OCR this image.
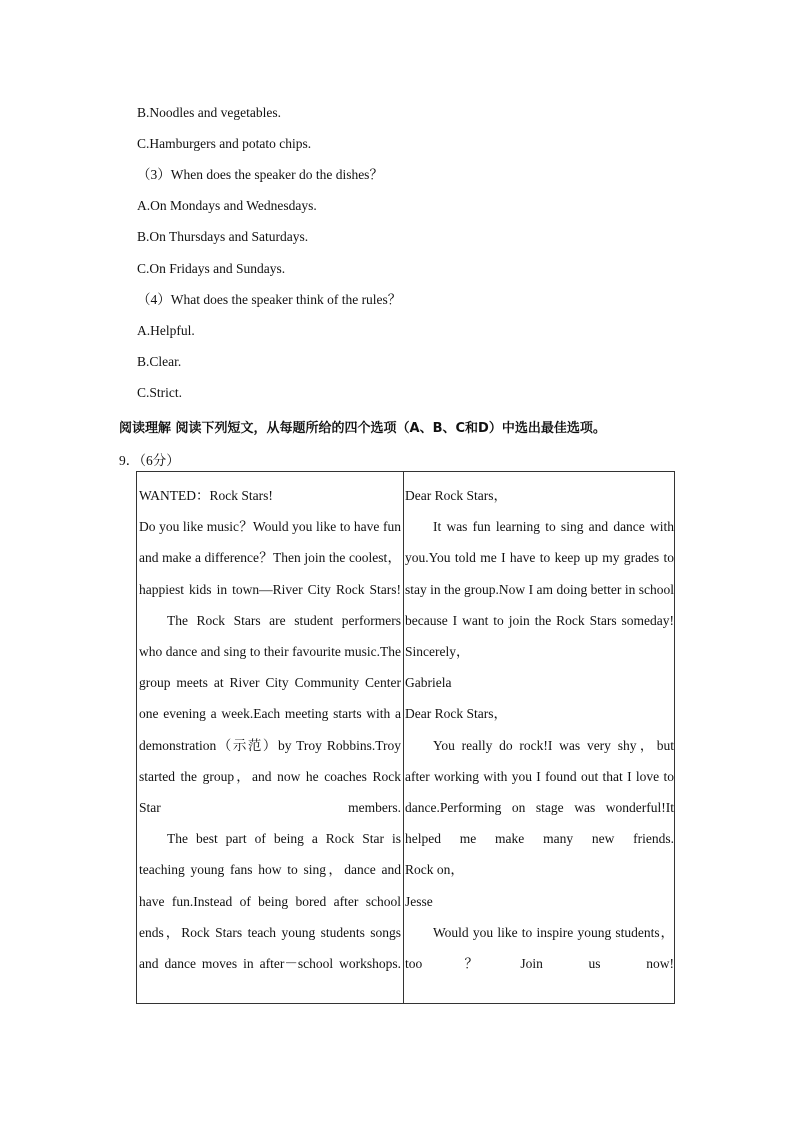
B.Noodles and vegetables.
C.Hamburgers and potato chips.
（3）When does the speaker do the dishes？
A.On Mondays and Wednesdays.
B.On Thursdays and Saturdays.
C.On Fridays and Sundays.
（4）What does the speaker think of the rules？
A.Helpful.
B.Clear.
C.Strict.
阅读理解 阅读下列短文，从每题所给的四个选项（A、B、C和D）中选出最佳选项。
9．（6分）
WANTED：Rock Stars!
Do you like music？Would you like to have fun and make a difference？Then join the coolest，happiest kids in town—River City Rock Stars!
The Rock Stars are student performers who dance and sing to their favourite music.The group meets at River City Community Center one evening a week.Each meeting starts with a demonstration（示范）by Troy Robbins.Troy started the group，and now he coaches Rock Star members.
The best part of being a Rock Star is teaching young fans how to sing，dance and have fun.Instead of being bored after school ends，Rock Stars teach young students songs and dance moves in after－school workshops.
Dear Rock Stars，
It was fun learning to sing and dance with you.You told me I have to keep up my grades to stay in the group.Now I am doing better in school because I want to join the Rock Stars someday!
Sincerely，
Gabriela
Dear Rock Stars，
You really do rock!I was very shy，but after working with you I found out that I love to dance.Performing on stage was wonderful!It helped me make many new friends.
Rock on，
Jesse
Would you like to inspire young students，too？Join us now!
